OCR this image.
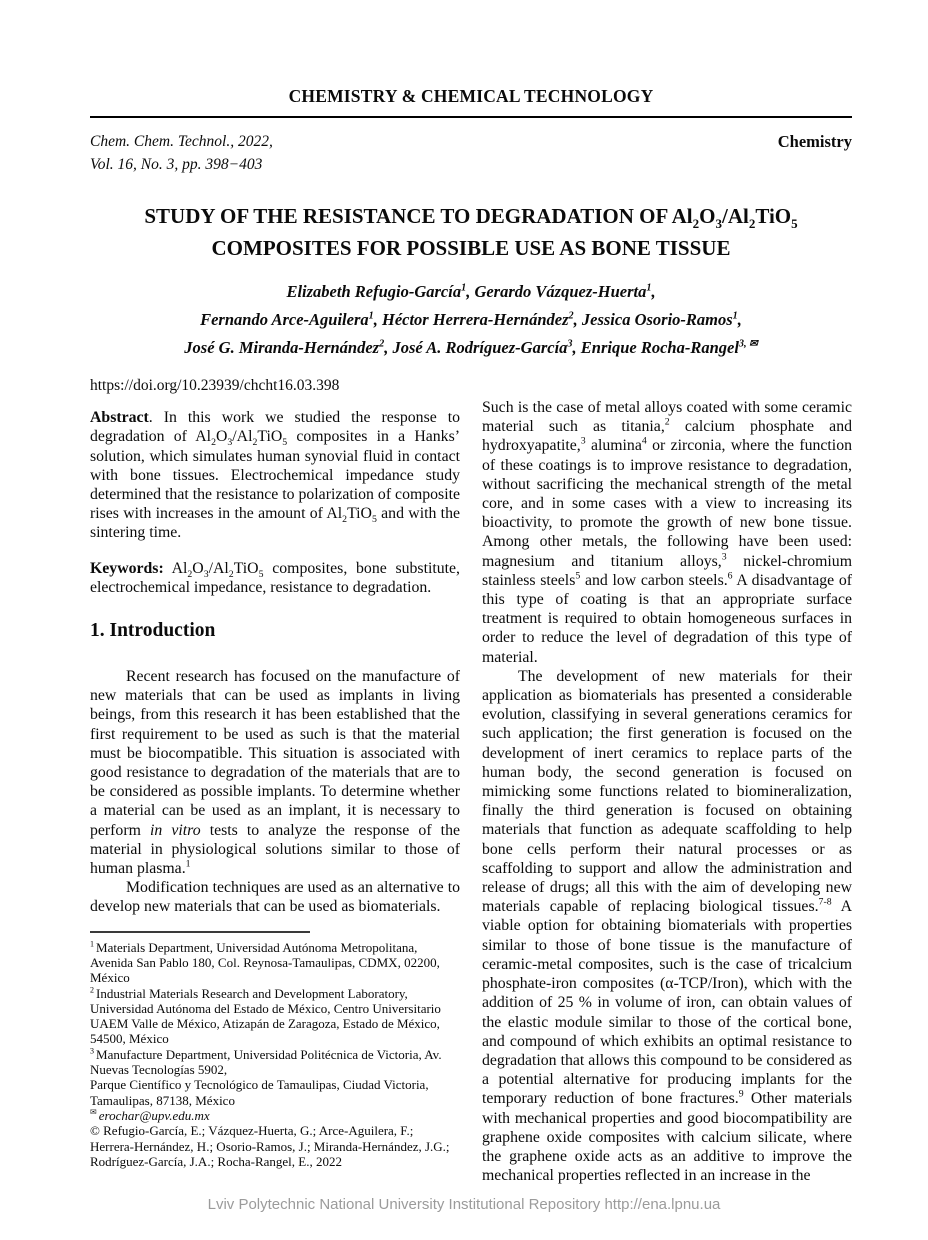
CHEMISTRY & CHEMICAL TECHNOLOGY
Chem. Chem. Technol., 2022,
Vol. 16, No. 3, pp. 398−403
Chemistry
STUDY OF THE RESISTANCE TO DEGRADATION OF $Al_2O_3/Al_2TiO_5$
COMPOSITES FOR POSSIBLE USE AS BONE TISSUE
Elizabeth Refugio-García$^1$, Gerardo Vázquez-Huerta$^1$,
Fernando Arce-Aguilera$^1$, Héctor Herrera-Hernández$^2$, Jessica Osorio-Ramos$^1$,
José G. Miranda-Hernández$^2$, José A. Rodríguez-García$^3$, Enrique Rocha-Rangel$^{3, ✉}$
https://doi.org/10.23939/chcht16.03.398

Abstract. In this work we studied the response to degradation of $Al_2O_3/Al_2TiO_5$ composites in a Hanks’ solution, which simulates human synovial fluid in contact with bone tissues. Electrochemical impedance study determined that the resistance to polarization of composite rises with increases in the amount of $Al_2TiO_5$ and with the sintering time.

Keywords: $Al_2O_3/Al_2TiO_5$ composites, bone substitute, electrochemical impedance, resistance to degradation.

1. Introduction

Recent research has focused on the manufacture of new materials that can be used as implants in living beings, from this research it has been established that the first requirement to be used as such is that the material must be biocompatible. This situation is associated with good resistance to degradation of the materials that are to be considered as possible implants. To determine whether a material can be used as an implant, it is necessary to perform in vitro tests to analyze the response of the material in physiological solutions similar to those of human plasma.$^1$

Modification techniques are used as an alternative to develop new materials that can be used as biomaterials.

$^1$ Materials Department, Universidad Autónoma Metropolitana, Avenida San Pablo 180, Col. Reynosa-Tamaulipas, CDMX, 02200, México

$^2$ Industrial Materials Research and Development Laboratory,
Universidad Autónoma del Estado de México, Centro Universitario UAEM Valle de México, Atizapán de Zaragoza, Estado de México, 54500, México

$^3$ Manufacture Department, Universidad Politécnica de Victoria, Av. Nuevas Tecnologías 5902,
Parque Científico y Tecnológico de Tamaulipas, Ciudad Victoria, Tamaulipas, 87138, México

✉ erochar@upv.edu.mx

© Refugio-García, E.; Vázquez-Huerta, G.; Arce-Aguilera, F.;
Herrera-Hernández, H.; Osorio-Ramos, J.; Miranda-Hernández, J.G.;
Rodríguez-García, J.A.; Rocha-Rangel, E., 2022

Such is the case of metal alloys coated with some ceramic material such as titania,$^2$ calcium phosphate and hydroxyapatite,$^3$ alumina$^4$ or zirconia, where the function of these coatings is to improve resistance to degradation, without sacrificing the mechanical strength of the metal core, and in some cases with a view to increasing its bioactivity, to promote the growth of new bone tissue. Among other metals, the following have been used: magnesium and titanium alloys,$^3$ nickel-chromium stainless steels$^5$ and low carbon steels.$^6$ A disadvantage of this type of coating is that an appropriate surface treatment is required to obtain homogeneous surfaces in order to reduce the level of degradation of this type of material.

The development of new materials for their application as biomaterials has presented a considerable evolution, classifying in several generations ceramics for such application; the first generation is focused on the development of inert ceramics to replace parts of the human body, the second generation is focused on mimicking some functions related to biomineralization, finally the third generation is focused on obtaining materials that function as adequate scaffolding to help bone cells perform their natural processes or as scaffolding to support and allow the administration and release of drugs; all this with the aim of developing new materials capable of replacing biological tissues.$^{7-8}$ A viable option for obtaining biomaterials with properties similar to those of bone tissue is the manufacture of ceramic-metal composites, such is the case of tricalcium phosphate-iron composites (α-TCP/Iron), which with the addition of 25 % in volume of iron, can obtain values of the elastic module similar to those of the cortical bone, and compound of which exhibits an optimal resistance to degradation that allows this compound to be considered as a potential alternative for producing implants for the temporary reduction of bone fractures.$^9$ Other materials with mechanical properties and good biocompatibility are graphene oxide composites with calcium silicate, where the graphene oxide acts as an additive to improve the mechanical properties reflected in an increase in the

Lviv Polytechnic National University Institutional Repository http://ena.lpnu.ua
